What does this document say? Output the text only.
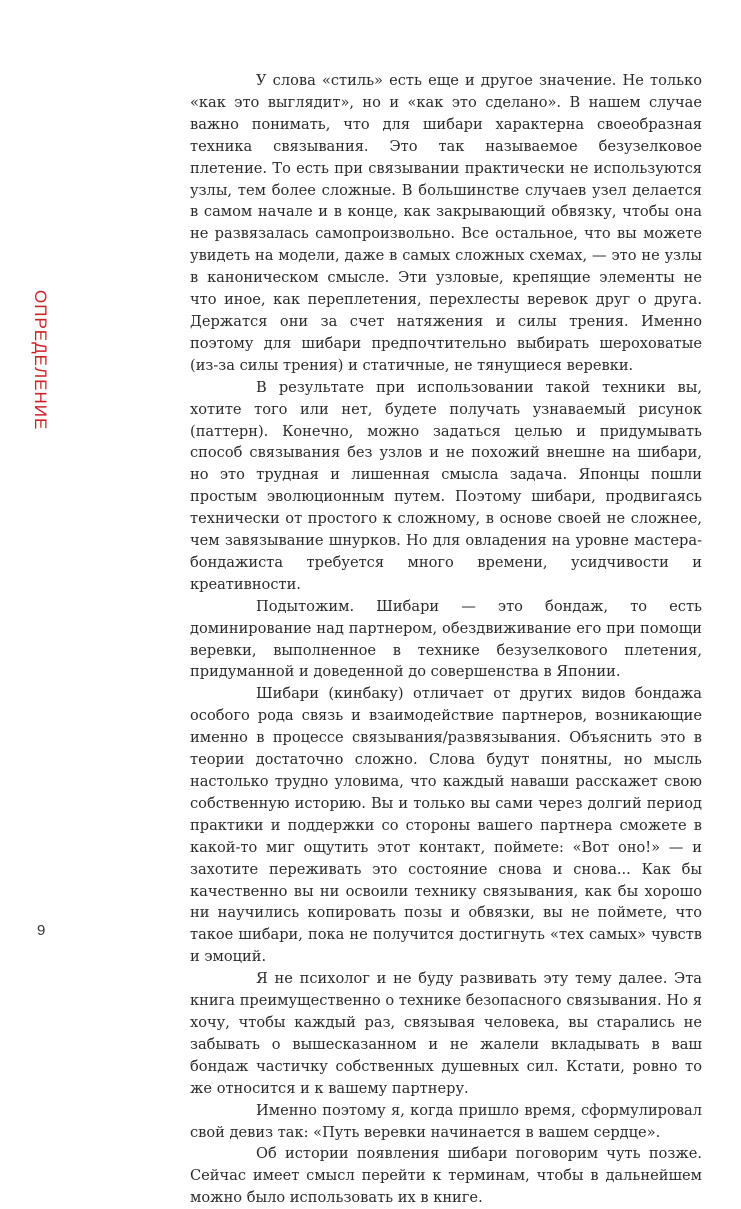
ОПРЕДЕЛЕНИЕ

У слова «стиль» есть еще и другое значение. Не только «как это выглядит», но и «как это сделано». В нашем случае важно понимать, что для шибари характерна своеобразная техника связывания. Это так называемое безузелковое плетение. То есть при связывании практически не используются узлы, тем более сложные. В большинстве случаев узел делается в самом начале и в конце, как закрывающий обвязку, чтобы она не развязалась самопроизвольно. Все остальное, что вы можете увидеть на модели, даже в самых сложных схемах, — это не узлы в каноническом смысле. Эти узловые, крепящие элементы не что иное, как переплетения, перехлесты веревок друг о друга. Держатся они за счет натяжения и силы трения. Именно поэтому для шибари предпочтительно выбирать шероховатые (из-за силы трения) и статичные, не тянущиеся веревки.

В результате при использовании такой техники вы, хотите того или нет, будете получать узнаваемый рисунок (паттерн). Конечно, можно задаться целью и придумывать способ связывания без узлов и не похожий внешне на шибари, но это трудная и лишенная смысла задача. Японцы пошли простым эволюционным путем. Поэтому шибари, продвигаясь технически от простого к сложному, в основе своей не сложнее, чем завязывание шнурков. Но для овладения на уровне мастера-бондажиста требуется много времени, усидчивости и креативности.

Подытожим. Шибари — это бондаж, то есть доминирование над партнером, обездвиживание его при помощи веревки, выполненное в технике безузелкового плетения, придуманной и доведенной до совершенства в Японии.

Шибари (кинбаку) отличает от других видов бондажа особого рода связь и взаимодействие партнеров, возникающие именно в процессе связывания/развязывания. Объяснить это в теории достаточно сложно. Слова будут понятны, но мысль настолько трудно уловима, что каждый наваши расскажет свою собственную историю. Вы и только вы сами через долгий период практики и поддержки со стороны вашего партнера сможете в какой-то миг ощутить этот контакт, поймете: «Вот оно!» — и захотите переживать это состояние снова и снова... Как бы качественно вы ни освоили технику связывания, как бы хорошо ни научились копировать позы и обвязки, вы не поймете, что такое шибари, пока не получится достигнуть «тех самых» чувств и эмоций.

Я не психолог и не буду развивать эту тему далее. Эта книга преимущественно о технике безопасного связывания. Но я хочу, чтобы каждый раз, связывая человека, вы старались не забывать о вышесказанном и не жалели вкладывать в ваш бондаж частичку собственных душевных сил. Кстати, ровно то же относится и к вашему партнеру.

Именно поэтому я, когда пришло время, сформулировал свой девиз так: «Путь веревки начинается в вашем сердце».

Об истории появления шибари поговорим чуть позже. Сейчас имеет смысл перейти к терминам, чтобы в дальнейшем можно было использовать их в книге.

9
